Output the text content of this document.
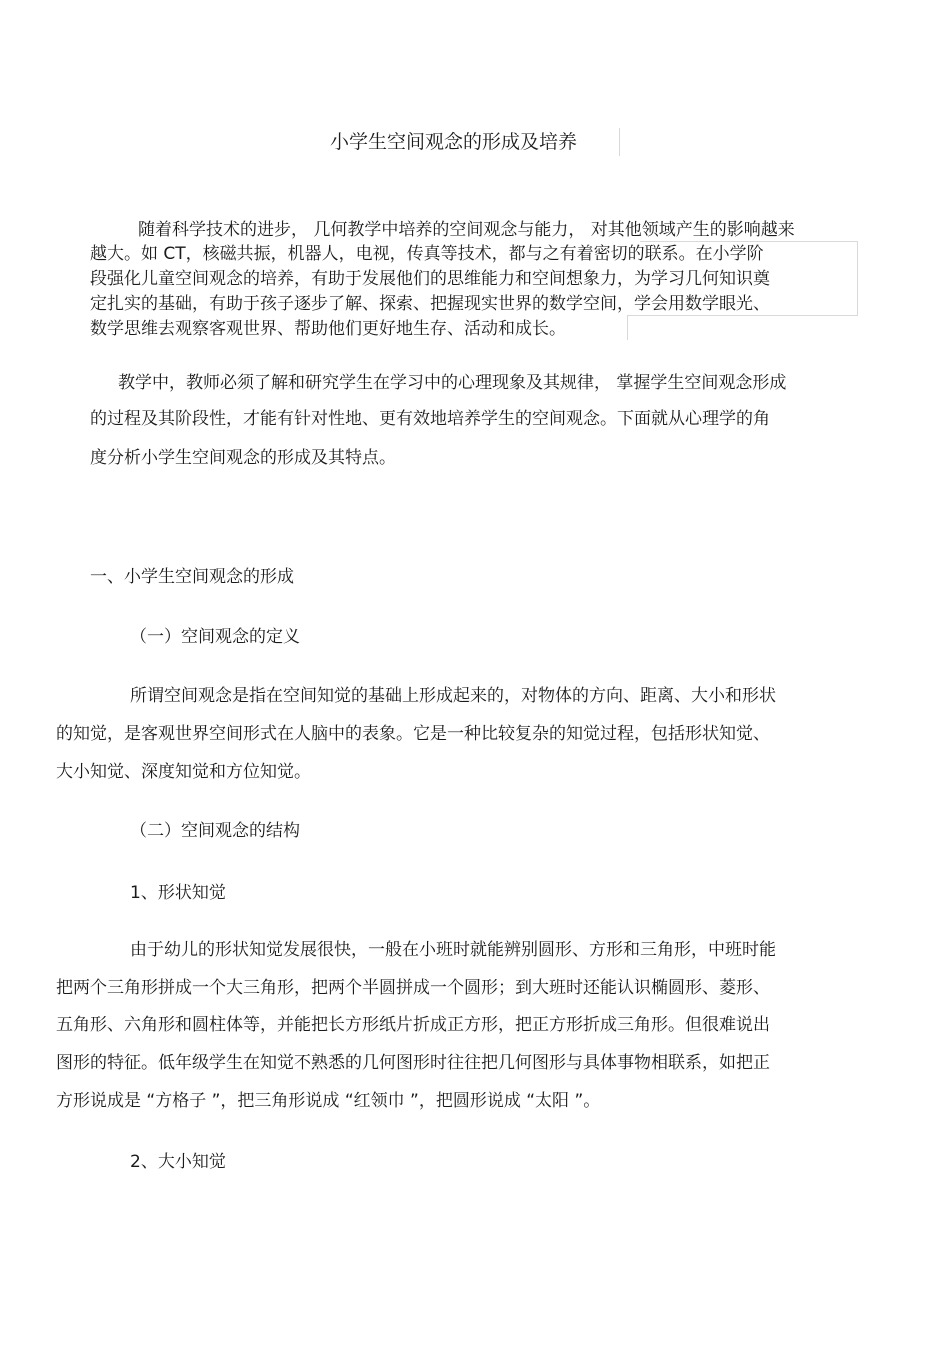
小学生空间观念的形成及培养
随着科学技术的进步， 几何教学中培养的空间观念与能力， 对其他领域产生的影响越来
越大。如 CT，核磁共振，机器人，电视，传真等技术，都与之有着密切的联系。在小学阶
段强化儿童空间观念的培养，有助于发展他们的思维能力和空间想象力，为学习几何知识奠
定扎实的基础，有助于孩子逐步了解、探索、把握现实世界的数学空间，学会用数学眼光、
数学思维去观察客观世界、帮助他们更好地生存、活动和成长。
教学中，教师必须了解和研究学生在学习中的心理现象及其规律， 掌握学生空间观念形成
的过程及其阶段性，才能有针对性地、更有效地培养学生的空间观念。下面就从心理学的角
度分析小学生空间观念的形成及其特点。
一、小学生空间观念的形成
（一）空间观念的定义
所谓空间观念是指在空间知觉的基础上形成起来的，对物体的方向、距离、大小和形状
的知觉，是客观世界空间形式在人脑中的表象。它是一种比较复杂的知觉过程，包括形状知觉、
大小知觉、深度知觉和方位知觉。
（二）空间观念的结构
1、形状知觉
由于幼儿的形状知觉发展很快，一般在小班时就能辨别圆形、方形和三角形，中班时能
把两个三角形拼成一个大三角形，把两个半圆拼成一个圆形；到大班时还能认识椭圆形、菱形、
五角形、六角形和圆柱体等，并能把长方形纸片折成正方形，把正方形折成三角形。但很难说出
图形的特征。低年级学生在知觉不熟悉的几何图形时往往把几何图形与具体事物相联系，如把正
方形说成是 “方格子 ”，把三角形说成 “红领巾 ”，把圆形说成 “太阳 ”。
2、大小知觉
